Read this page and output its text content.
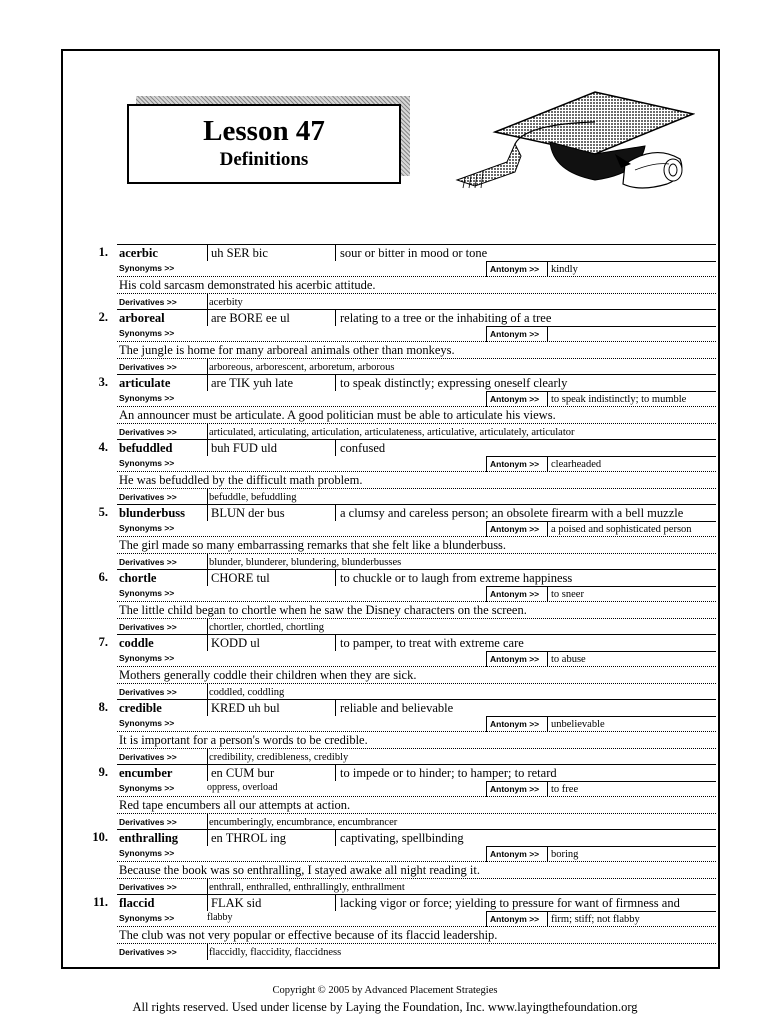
Lesson 47
Definitions
1. acerbic	uh SER bic	sour or bitter in mood or tone
Synonyms >>	Antonym >>	kindly
His cold sarcasm demonstrated his acerbic attitude.
Derivatives >>	acerbity
2. arboreal	are BORE ee ul	relating to a tree or the inhabiting of a tree
Synonyms >>	Antonym >>
The jungle is home for many arboreal animals other than monkeys.
Derivatives >>	arboreous, arborescent, arboretum, arborous
3. articulate	are TIK yuh late	to speak distinctly; expressing oneself clearly
Synonyms >>	Antonym >>	to speak indistinctly; to mumble
An announcer must be articulate. A good politician must be able to articulate his views.
Derivatives >>	articulated, articulating, articulation, articulateness, articulative, articulately, articulator
4. befuddled	buh FUD uld	confused
Synonyms >>	Antonym >>	clearheaded
He was befuddled by the difficult math problem.
Derivatives >>	befuddle, befuddling
5. blunderbuss	BLUN der bus	a clumsy and careless person; an obsolete firearm with a bell muzzle
Synonyms >>	Antonym >>	a poised and sophisticated person
The girl made so many embarrassing remarks that she felt like a blunderbuss.
Derivatives >>	blunder, blunderer, blundering, blunderbusses
6. chortle	CHORE tul	to chuckle or to laugh from extreme happiness
Synonyms >>	Antonym >>	to sneer
The little child began to chortle when he saw the Disney characters on the screen.
Derivatives >>	chortler, chortled, chortling
7. coddle	KODD ul	to pamper, to treat with extreme care
Synonyms >>	Antonym >>	to abuse
Mothers generally coddle their children when they are sick.
Derivatives >>	coddled, coddling
8. credible	KRED uh bul	reliable and believable
Synonyms >>	Antonym >>	unbelievable
It is important for a person's words to be credible.
Derivatives >>	credibility, credibleness, credibly
9. encumber	en CUM bur	to impede or to hinder; to hamper; to retard
Synonyms >>	oppress, overload	Antonym >>	to free
Red tape encumbers all our attempts at action.
Derivatives >>	encumberingly, encumbrance, encumbrancer
10. enthralling	en THROL ing	captivating, spellbinding
Synonyms >>	Antonym >>	boring
Because the book was so enthralling, I stayed awake all night reading it.
Derivatives >>	enthrall, enthralled, enthrallingly, enthrallment
11. flaccid	FLAK sid	lacking vigor or force; yielding to pressure for want of firmness and
Synonyms >>	flabby	Antonym >>	firm; stiff; not flabby
The club was not very popular or effective because of its flaccid leadership.
Derivatives >>	flaccidly, flaccidity, flaccidness
Copyright © 2005 by Advanced Placement Strategies
All rights reserved. Used under license by Laying the Foundation, Inc. www.layingthefoundation.org
